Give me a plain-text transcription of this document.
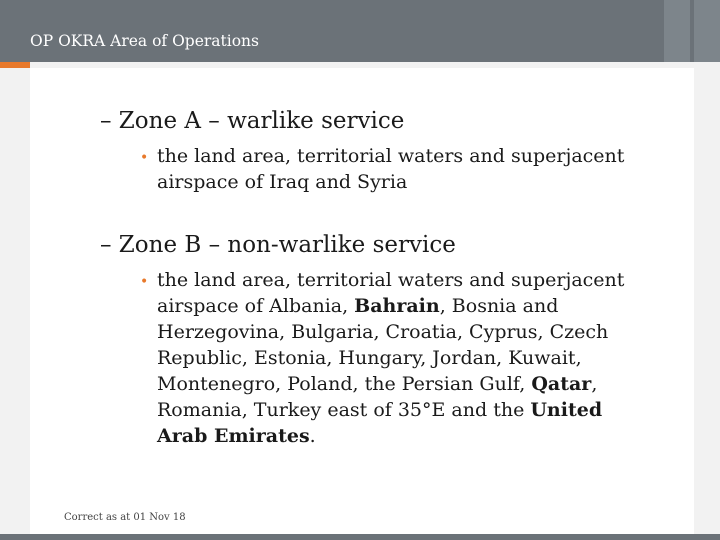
OP OKRA Area of Operations
– Zone A – warlike service
• the land area, territorial waters and superjacent airspace of Iraq and Syria
– Zone B – non-warlike service
• the land area, territorial waters and superjacent airspace of Albania, Bahrain, Bosnia and Herzegovina, Bulgaria, Croatia, Cyprus, Czech Republic, Estonia, Hungary, Jordan, Kuwait, Montenegro, Poland, the Persian Gulf, Qatar, Romania, Turkey east of 35°E and the United Arab Emirates.
Correct as at 01 Nov 18
